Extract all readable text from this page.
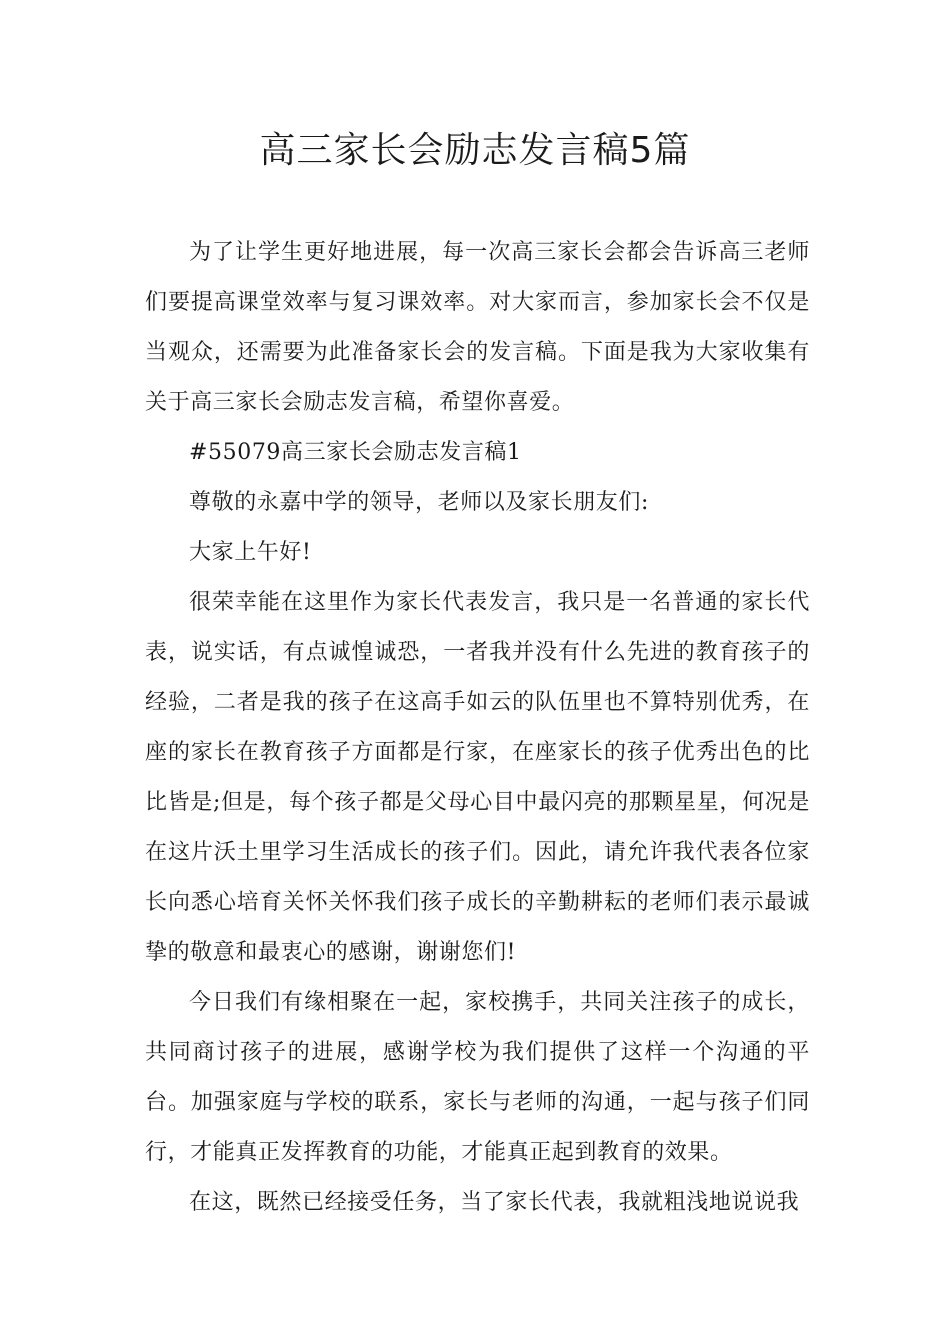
高三家长会励志发言稿5篇

为了让学生更好地进展，每一次高三家长会都会告诉高三老师们要提高课堂效率与复习课效率。对大家而言，参加家长会不仅是当观众，还需要为此准备家长会的发言稿。下面是我为大家收集有关于高三家长会励志发言稿，希望你喜爱。

#55079高三家长会励志发言稿1

尊敬的永嘉中学的领导，老师以及家长朋友们:

大家上午好!

很荣幸能在这里作为家长代表发言，我只是一名普通的家长代表，说实话，有点诚惶诚恐，一者我并没有什么先进的教育孩子的经验，二者是我的孩子在这高手如云的队伍里也不算特别优秀，在座的家长在教育孩子方面都是行家，在座家长的孩子优秀出色的比比皆是;但是，每个孩子都是父母心目中最闪亮的那颗星星，何况是在这片沃土里学习生活成长的孩子们。因此，请允许我代表各位家长向悉心培育关怀关怀我们孩子成长的辛勤耕耘的老师们表示最诚挚的敬意和最衷心的感谢，谢谢您们!

今日我们有缘相聚在一起，家校携手，共同关注孩子的成长，共同商讨孩子的进展，感谢学校为我们提供了这样一个沟通的平台。加强家庭与学校的联系，家长与老师的沟通，一起与孩子们同行，才能真正发挥教育的功能，才能真正起到教育的效果。

在这，既然已经接受任务，当了家长代表，我就粗浅地说说我
